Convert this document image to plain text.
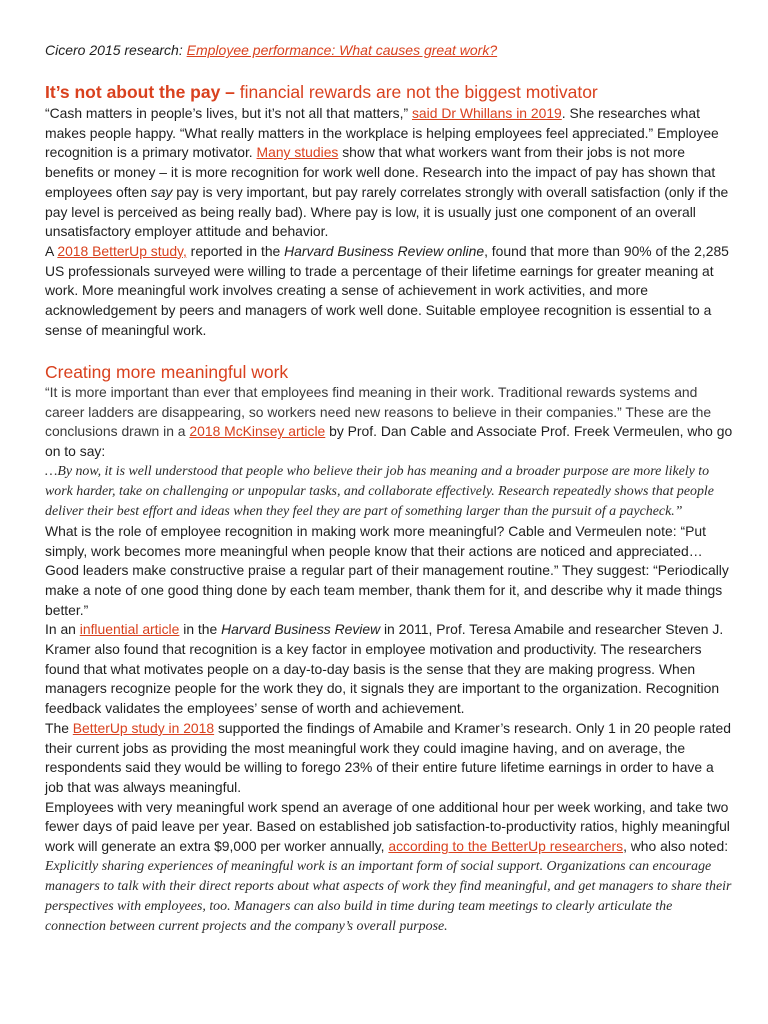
Cicero 2015 research: Employee performance: What causes great work?
It’s not about the pay – financial rewards are not the biggest motivator

“Cash matters in people’s lives, but it’s not all that matters,” said Dr Whillans in 2019. She researches what makes people happy. “What really matters in the workplace is helping employees feel appreciated.” Employee recognition is a primary motivator. Many studies show that what workers want from their jobs is not more benefits or money – it is more recognition for work well done. Research into the impact of pay has shown that employees often say pay is very important, but pay rarely correlates strongly with overall satisfaction (only if the pay level is perceived as being really bad). Where pay is low, it is usually just one component of an overall unsatisfactory employer attitude and behavior.

A 2018 BetterUp study, reported in the Harvard Business Review online, found that more than 90% of the 2,285 US professionals surveyed were willing to trade a percentage of their lifetime earnings for greater meaning at work. More meaningful work involves creating a sense of achievement in work activities, and more acknowledgement by peers and managers of work well done. Suitable employee recognition is essential to a sense of meaningful work.

Creating more meaningful work

“It is more important than ever that employees find meaning in their work. Traditional rewards systems and career ladders are disappearing, so workers need new reasons to believe in their companies.” These are the conclusions drawn in a 2018 McKinsey article by Prof. Dan Cable and Associate Prof. Freek Vermeulen, who go on to say:

…By now, it is well understood that people who believe their job has meaning and a broader purpose are more likely to work harder, take on challenging or unpopular tasks, and collaborate effectively. Research repeatedly shows that people deliver their best effort and ideas when they feel they are part of something larger than the pursuit of a paycheck.”

What is the role of employee recognition in making work more meaningful? Cable and Vermeulen note: “Put simply, work becomes more meaningful when people know that their actions are noticed and appreciated…Good leaders make constructive praise a regular part of their management routine.” They suggest: “Periodically make a note of one good thing done by each team member, thank them for it, and describe why it made things better.”

In an influential article in the Harvard Business Review in 2011, Prof. Teresa Amabile and researcher Steven J. Kramer also found that recognition is a key factor in employee motivation and productivity. The researchers found that what motivates people on a day-to-day basis is the sense that they are making progress. When managers recognize people for the work they do, it signals they are important to the organization. Recognition feedback validates the employees’ sense of worth and achievement.

The BetterUp study in 2018 supported the findings of Amabile and Kramer’s research. Only 1 in 20 people rated their current jobs as providing the most meaningful work they could imagine having, and on average, the respondents said they would be willing to forego 23% of their entire future lifetime earnings in order to have a job that was always meaningful.

Employees with very meaningful work spend an average of one additional hour per week working, and take two fewer days of paid leave per year. Based on established job satisfaction-to-productivity ratios, highly meaningful work will generate an extra $9,000 per worker annually, according to the BetterUp researchers, who also noted:

Explicitly sharing experiences of meaningful work is an important form of social support. Organizations can encourage managers to talk with their direct reports about what aspects of work they find meaningful, and get managers to share their perspectives with employees, too. Managers can also build in time during team meetings to clearly articulate the connection between current projects and the company’s overall purpose.
